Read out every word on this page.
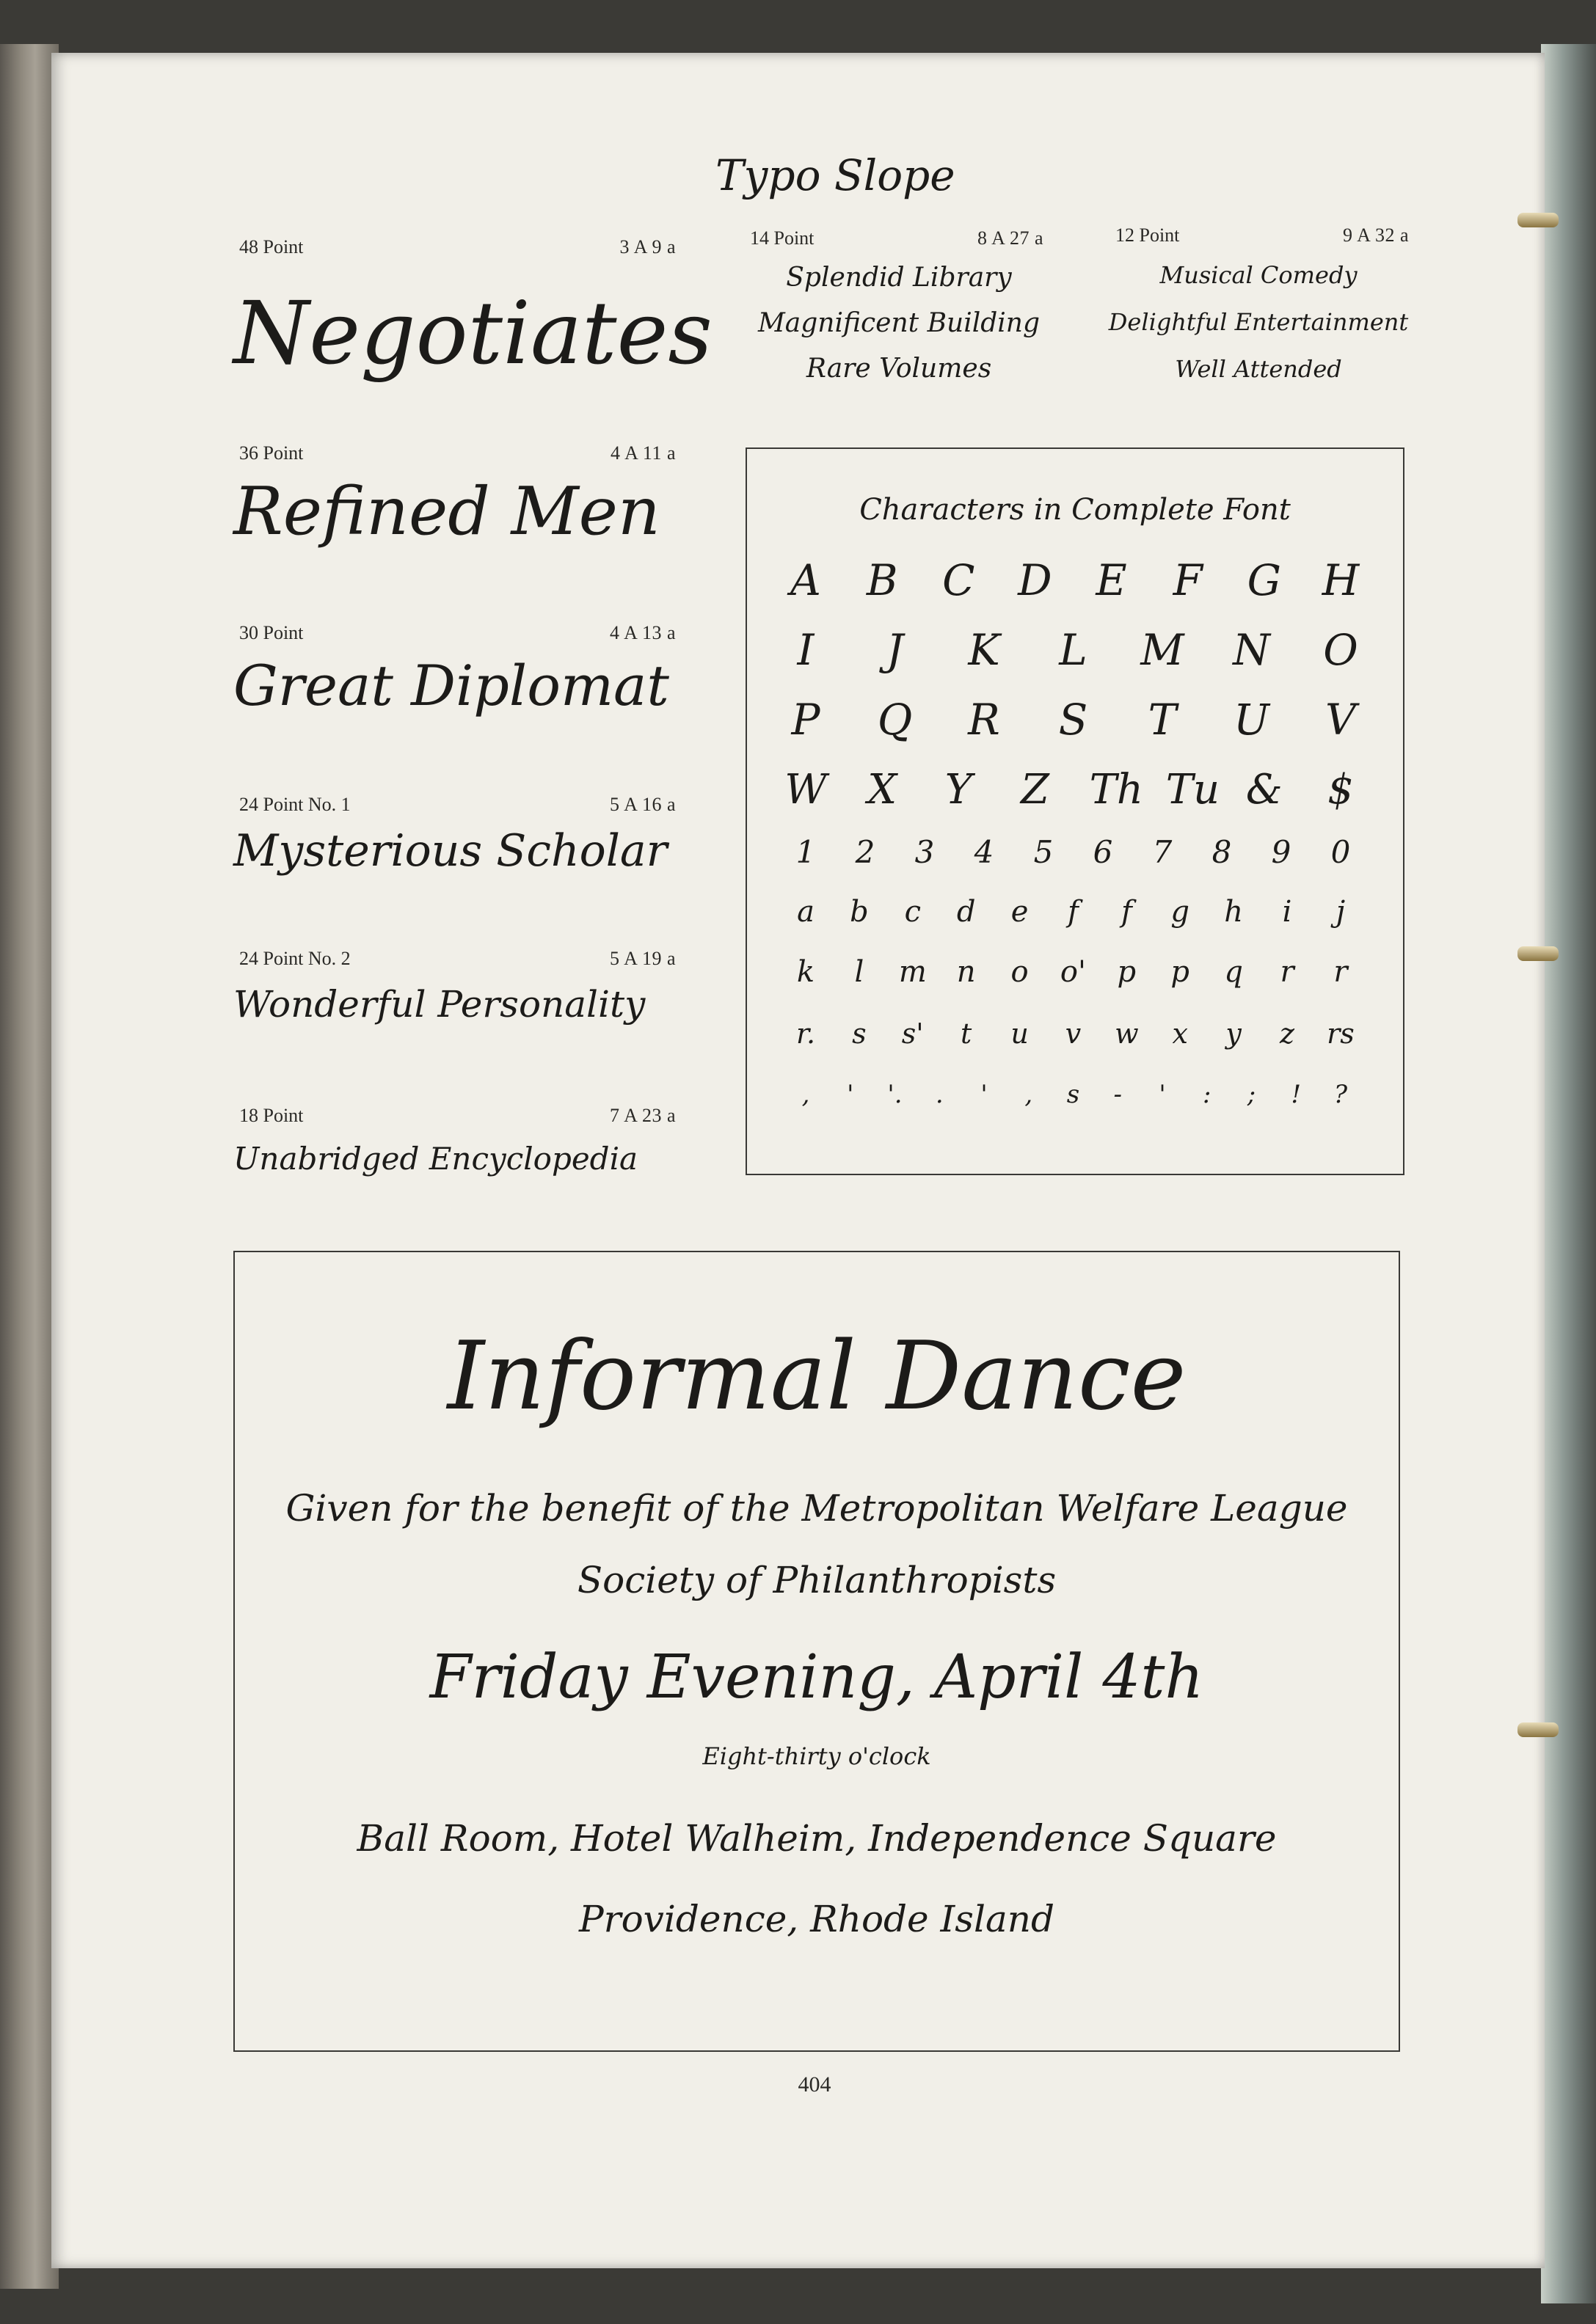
Typo Slope
48 Point	3 A 9 a
Negotiates
36 Point	4 A 11 a
Refined Men
30 Point	4 A 13 a
Great Diplomat
24 Point No. 1	5 A 16 a
Mysterious Scholar
24 Point No. 2	5 A 19 a
Wonderful Personality
18 Point	7 A 23 a
Unabridged Encyclopedia
14 Point	8 A 27 a
Splendid Library
Magnificent Building
Rare Volumes
12 Point	9 A 32 a
Musical Comedy
Delightful Entertainment
Well Attended
Characters in Complete Font
A B C D E F G H
I	J	K L M N O
P Q R S T U V
W X Y Z Th Tu & $
1	2	3	4	5	6	7	8	9	0
a	b	c	d	e	f	f	g	h	i	j
k	l	m	n	o	o'	p	p	q	r	r
r.	s	s'	t	u	v	w	x	y	z	rs
,	'	'.	.	'	,	s	-	'	:	;	!	?
Informal Dance
Given for the benefit of the Metropolitan Welfare League
Society of Philanthropists
Friday Evening, April 4th
Eight-thirty o'clock
Ball Room, Hotel Walheim, Independence Square
Providence, Rhode Island
404
